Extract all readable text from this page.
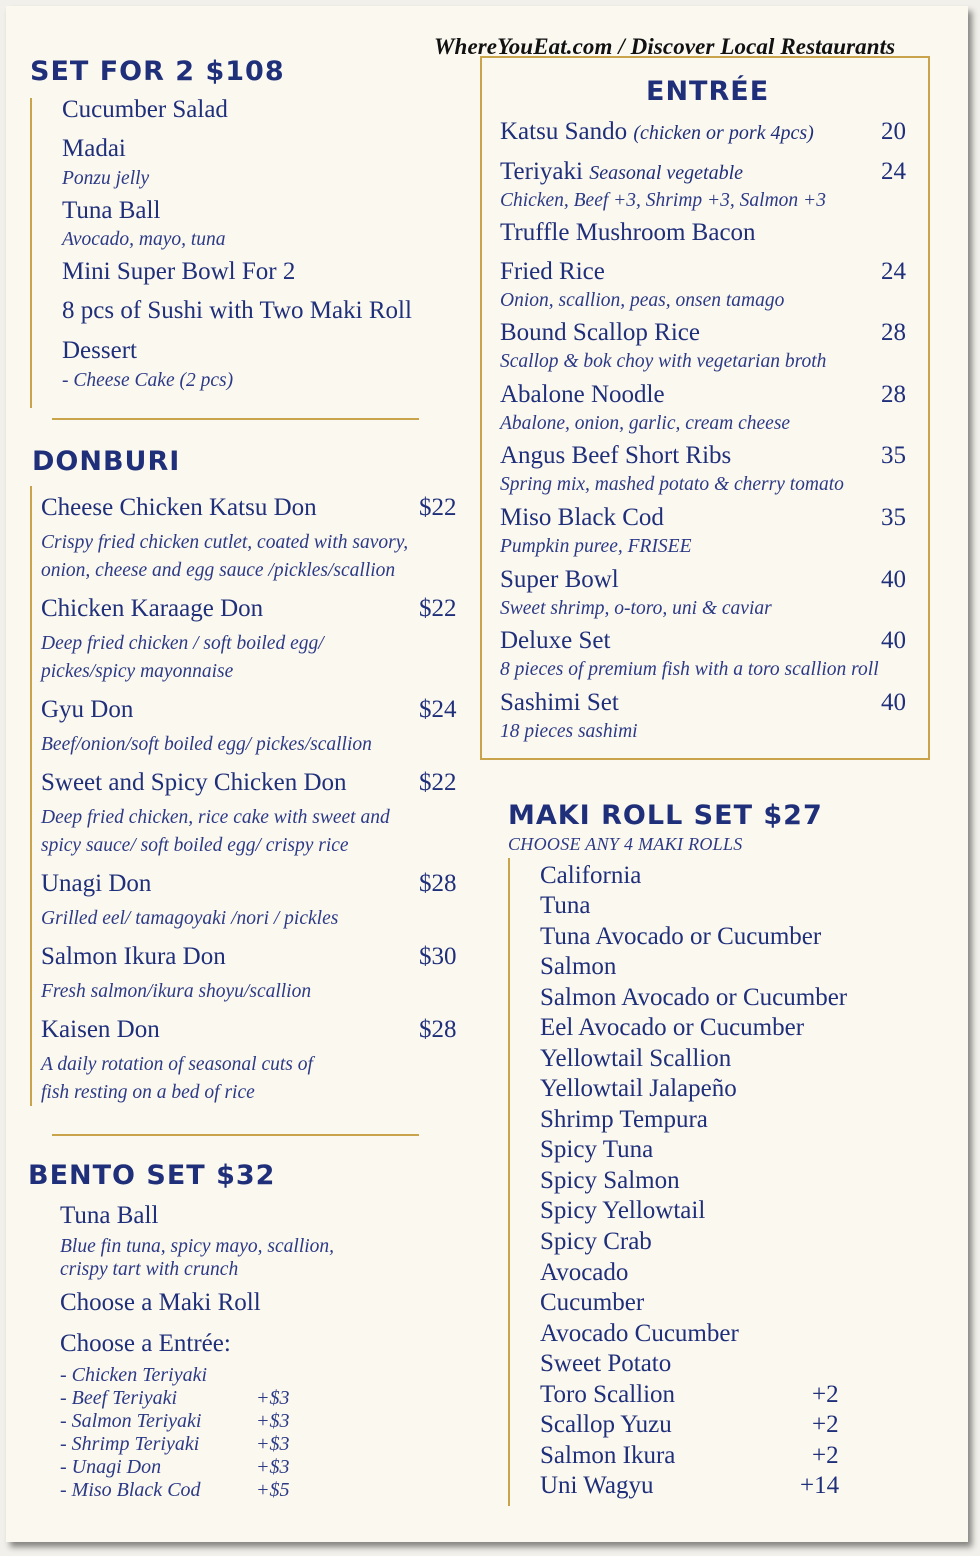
WhereYouEat.com / Discover Local Restaurants
SET FOR 2 $108
Cucumber Salad
Madai
Ponzu jelly
Tuna Ball
Avocado, mayo, tuna
Mini Super Bowl For 2
8 pcs of Sushi with Two Maki Roll
Dessert
- Cheese Cake (2 pcs)
DONBURI
Cheese Chicken Katsu Don	$22
Crispy fried chicken cutlet, coated with savory,
onion, cheese and egg sauce /pickles/scallion
Chicken Karaage Don	$22
Deep fried chicken / soft boiled egg/
pickes/spicy mayonnaise
Gyu Don	$24
Beef/onion/soft boiled egg/ pickes/scallion
Sweet and Spicy Chicken Don	$22
Deep fried chicken, rice cake with sweet and
spicy sauce/ soft boiled egg/ crispy rice
Unagi Don	$28
Grilled eel/ tamagoyaki /nori / pickles
Salmon Ikura Don	$30
Fresh salmon/ikura shoyu/scallion
Kaisen Don	$28
A daily rotation of seasonal cuts of
fish resting on a bed of rice
BENTO SET $32
Tuna Ball
Blue fin tuna, spicy mayo, scallion,
crispy tart with crunch
Choose a Maki Roll
Choose a Entrée:
- Chicken Teriyaki
- Beef Teriyaki	+$3
- Salmon Teriyaki	+$3
- Shrimp Teriyaki	+$3
- Unagi Don	+$3
- Miso Black Cod	+$5
ENTRÉE
Katsu Sando (chicken or pork 4pcs)	20
Teriyaki Seasonal vegetable	24
Chicken, Beef +3, Shrimp +3, Salmon +3
Truffle Mushroom Bacon
Fried Rice	24
Onion, scallion, peas, onsen tamago
Bound Scallop Rice	28
Scallop & bok choy with vegetarian broth
Abalone Noodle	28
Abalone, onion, garlic, cream cheese
Angus Beef Short Ribs	35
Spring mix, mashed potato & cherry tomato
Miso Black Cod	35
Pumpkin puree, FRISEE
Super Bowl	40
Sweet shrimp, o-toro, uni & caviar
Deluxe Set	40
8 pieces of premium fish with a toro scallion roll
Sashimi Set	40
18 pieces sashimi
MAKI ROLL SET $27
CHOOSE ANY 4 MAKI ROLLS
California
Tuna
Tuna Avocado or Cucumber
Salmon
Salmon Avocado or Cucumber
Eel Avocado or Cucumber
Yellowtail Scallion
Yellowtail Jalapeño
Shrimp Tempura
Spicy Tuna
Spicy Salmon
Spicy Yellowtail
Spicy Crab
Avocado
Cucumber
Avocado Cucumber
Sweet Potato
Toro Scallion	+2
Scallop Yuzu	+2
Salmon Ikura	+2
Uni Wagyu	+14
